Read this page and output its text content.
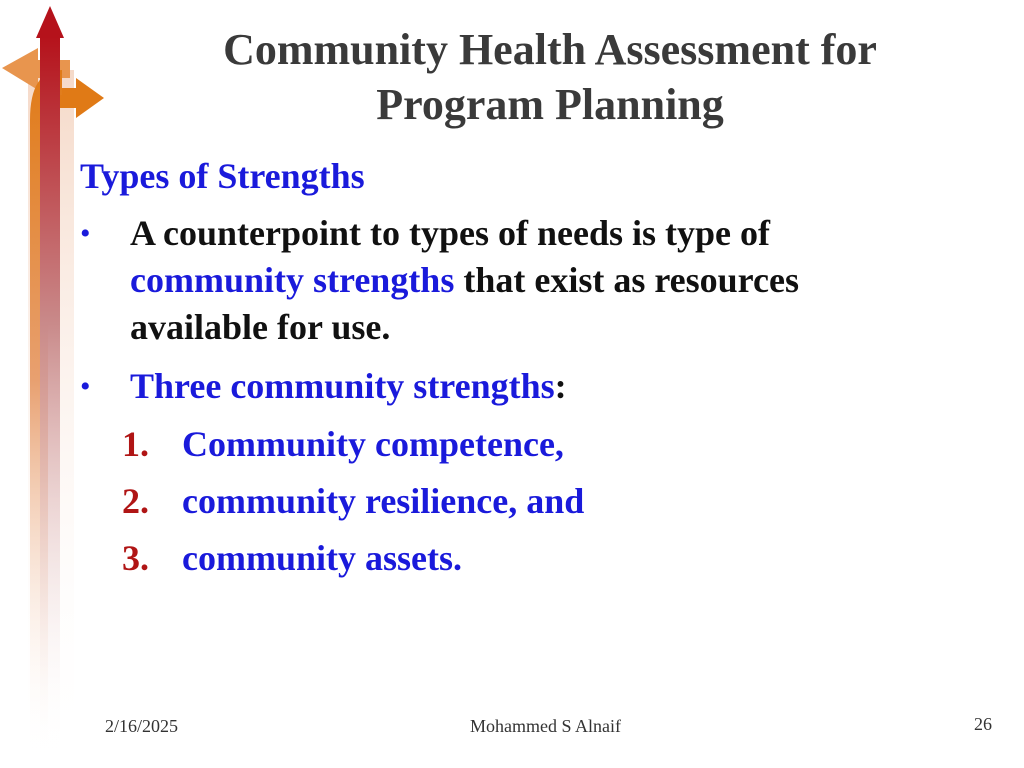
Community Health Assessment for
Program Planning
Types of Strengths
• A counterpoint to types of needs is type of community strengths that exist as resources available for use.
• Three community strengths:
1. Community competence,
2. community resilience, and
3. community assets.
2/16/2025	Mohammed S Alnaif	26
